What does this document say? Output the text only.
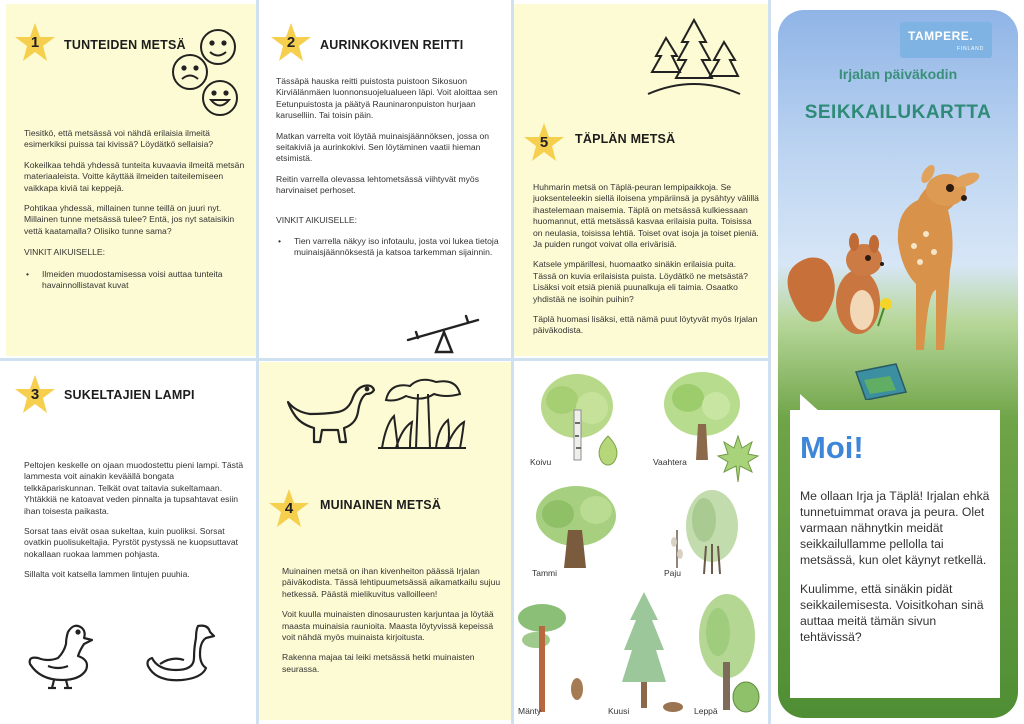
1	TUNTEIDEN METSÄ

Tiesitkö, että metsässä voi nähdä erilaisia ilmeitä esimerkiksi puissa tai kivissä? Löydätkö sellaisia?

Kokeilkaa tehdä yhdessä tunteita kuvaavia ilmeitä metsän materiaaleista. Voitte käyttää ilmeiden taiteilemiseen vaikkapa kiviä tai keppejä.

Pohtikaa yhdessä, millainen tunne teillä on juuri nyt. Millainen tunne metsässä tulee? Entä, jos nyt sataisikin vettä kaatamalla? Olisiko tunne sama?

VINKIT AIKUISELLE:
• Ilmeiden muodostamisessa voisi auttaa tunteita havainnollistavat kuvat
2	AURINKOKIVEN REITTI

Tässäpä hauska reitti puistosta puistoon Sikosuon Kirviälänmäen luonnonsuojelualueen läpi. Voit aloittaa sen Eetunpuistosta ja päätyä Rauninaronpuiston hurjaan karuselliin. Tai toisin päin.

Matkan varrelta voit löytää muinaisjäännöksen, jossa on seitakiviä ja aurinkokivi. Sen löytäminen vaatii hieman etsimistä.

Reitin varrella olevassa lehtometsässä viihtyvät myös harvinaiset perhoset.

VINKIT AIKUISELLE:
• Tien varrella näkyy iso infotaulu, josta voi lukea tietoja muinaisjäännöksestä ja katsoa tarkemman sijainnin.
5	TÄPLÄN METSÄ

Huhmarin metsä on Täplä-peuran lempipaikkoja. Se juoksenteleekin siellä iloisena ympäriinsä ja pysähtyy välillä ihastelemaan maisemia. Täplä on metsässä kulkiessaan huomannut, että metsässä kasvaa erilaisia puita. Toisissa on neulasia, toisissa lehtiä. Toiset ovat isoja ja toiset pieniä. Ja puiden rungot voivat olla erivärisiä.

Katsele ympärillesi, huomaatko sinäkin erilaisia puita. Tässä on kuvia erilaisista puista. Löydätkö ne metsästä? Lisäksi voit etsiä pieniä puunalkuja eli taimia. Osaatko yhdistää ne isoihin puihin?

Täplä huomasi lisäksi, että nämä puut löytyvät myös Irjalan päiväkodista.

3	SUKELTAJIEN LAMPI

Peltojen keskelle on ojaan muodostettu pieni lampi. Tästä lammesta voit ainakin keväällä bongata telkkäpariskunnan. Telkät ovat taitavia sukeltamaan. Yhtäkkiä ne katoavat veden pinnalta ja tupsahtavat esiin ihan toisesta paikasta.

Sorsat taas eivät osaa sukeltaa, kuin puoliksi. Sorsat ovatkin puolisukeltajia. Pyrstöt pystyssä ne kuopsuttavat nokallaan ruokaa lammen pohjasta.

Sillalta voit katsella lammen lintujen puuhia.

4	MUINAINEN METSÄ

Muinainen metsä on ihan kivenheiton päässä Irjalan päiväkodista. Tässä lehtipuumetsässä aikamatkailu sujuu hetkessä. Päästä mielikuvitus valloilleen!

Voit kuulla muinaisten dinosaurusten karjuntaa ja löytää maasta muinaisia raunioita. Maasta löytyvissä kepeissä voit nähdä myös muinaista kirjoitusta.

Rakenna majaa tai leiki metsässä hetki muinaisten seurassa.

Koivu	Vaahtera
Tammi	Paju
Mänty	Kuusi	Leppä
TAMPERE.
FINLAND
Irjalan päiväkodin
SEIKKAILUKARTTA
Moi!

Me ollaan Irja ja Täplä! Irjalan ehkä tunnetuimmat orava ja peura. Olet varmaan nähnytkin meidät seikkailullamme pellolla tai metsässä, kun olet käynyt retkellä.

Kuulimme, että sinäkin pidät seikkailemisesta. Voisitkohan sinä auttaa meitä tämän sivun tehtävissä?
